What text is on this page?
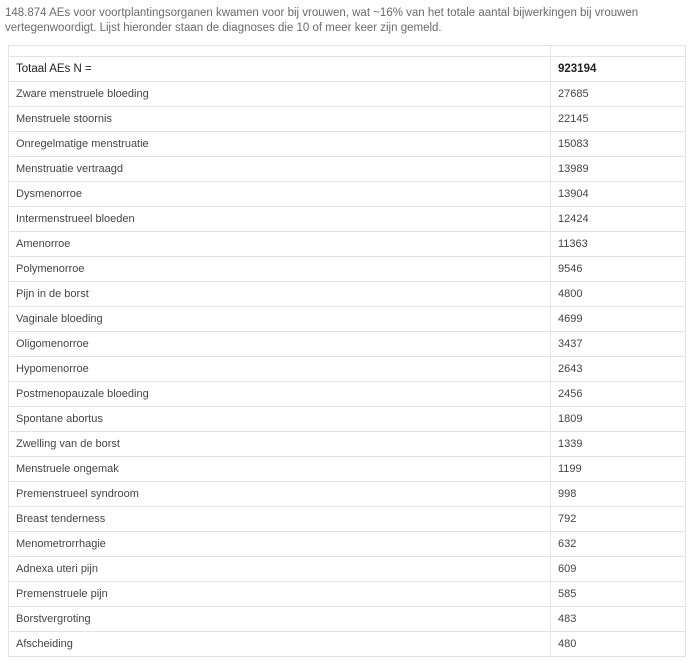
148.874 AEs voor voortplantingsorganen kwamen voor bij vrouwen, wat ~16% van het totale aantal bijwerkingen bij vrouwen vertegenwoordigt. Lijst hieronder staan de diagnoses die 10 of meer keer zijn gemeld.

Totaal AEs N =	923194
Zware menstruele bloeding	27685
Menstruele stoornis	22145
Onregelmatige menstruatie	15083
Menstruatie vertraagd	13989
Dysmenorroe	13904
Intermenstrueel bloeden	12424
Amenorroe	11363
Polymenorroe	9546
Pijn in de borst	4800
Vaginale bloeding	4699
Oligomenorroe	3437
Hypomenorroe	2643
Postmenopauzale bloeding	2456
Spontane abortus	1809
Zwelling van de borst	1339
Menstruele ongemak	1199
Premenstrueel syndroom	998
Breast tenderness	792
Menometrorrhagie	632
Adnexa uteri pijn	609
Premenstruele pijn	585
Borstvergroting	483
Afscheiding	480
